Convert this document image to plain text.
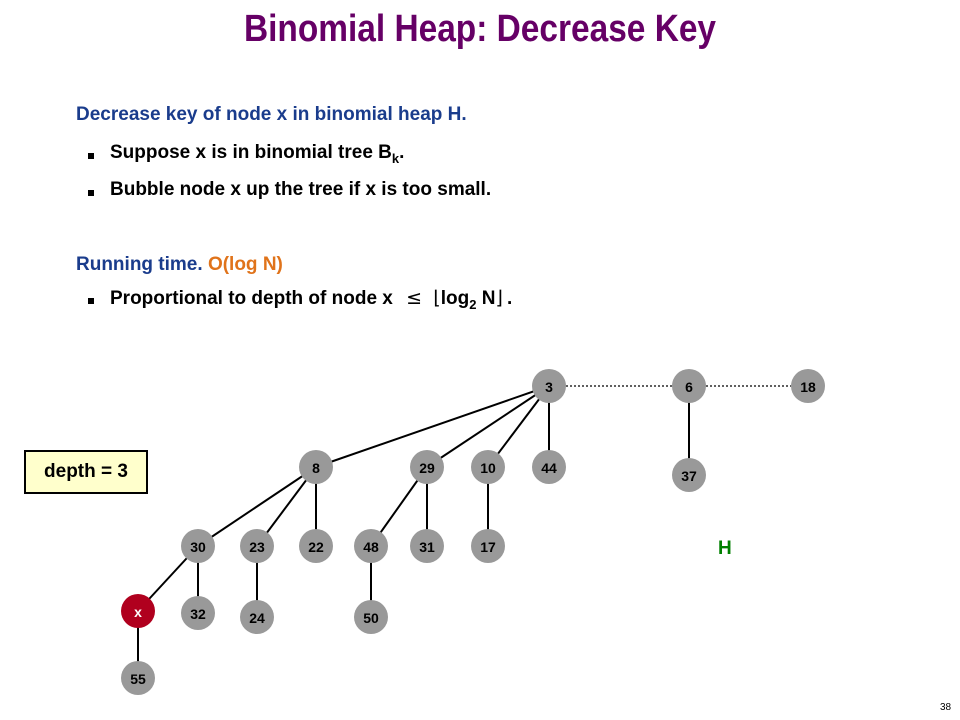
Binomial Heap: Decrease Key
Decrease key of node x in binomial heap H.
Suppose x is in binomial tree $B_k$.
Bubble node x up the tree if x is too small.
Running time. O(log N)
Proportional to depth of node $x \le ⌊\log_2$ N⌋ .
3	6	18
8	29	10	44	37
30	23	22	48	31	17
x	32	24	50
55
depth = 3
H
38
